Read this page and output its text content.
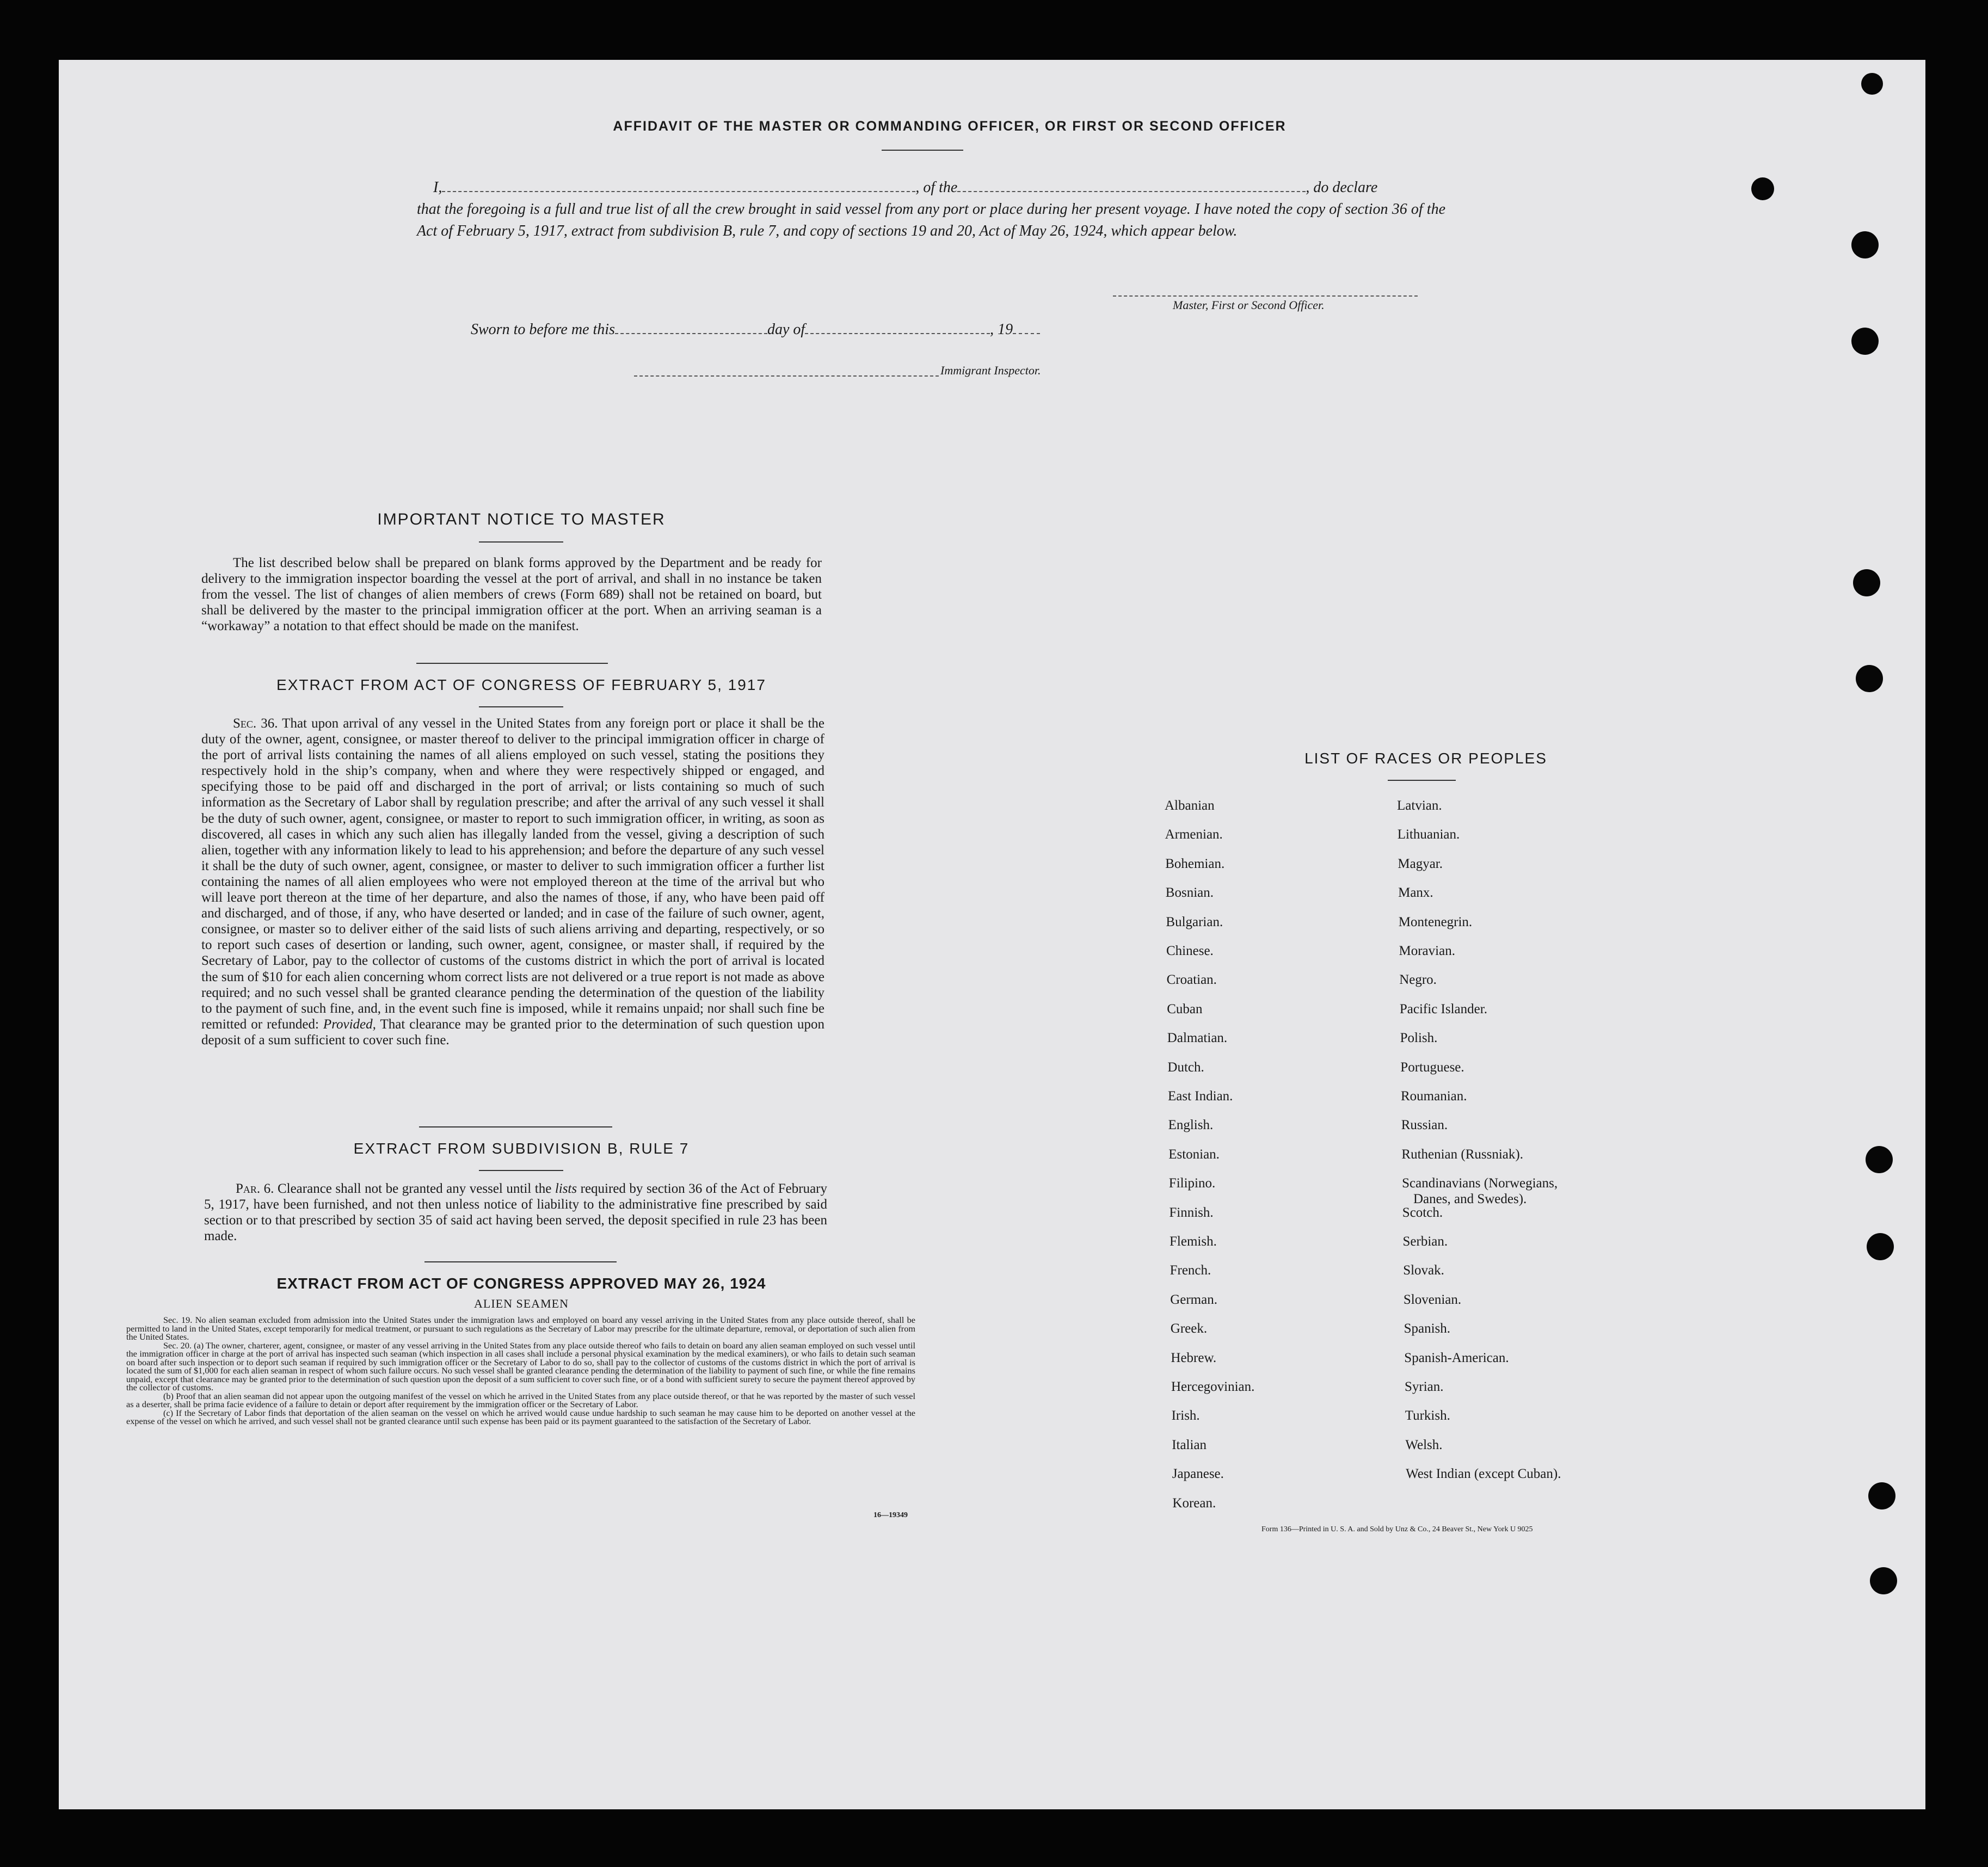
AFFIDAVIT OF THE MASTER OR COMMANDING OFFICER, OR FIRST OR SECOND OFFICER
I,	, of the	, do declare

that the foregoing is a full and true list of all the crew brought in said vessel from any port or place during her present voyage. I have noted the copy of section 36 of the Act of February 5, 1917, extract from subdivision B, rule 7, and copy of sections 19 and 20, Act of May 26, 1924, which appear below.

Master, First or Second Officer.
Sworn to before me this	day of	, 19
Immigrant Inspector.
IMPORTANT NOTICE TO MASTER

The list described below shall be prepared on blank forms approved by the Department and be ready for delivery to the immigration inspector boarding the vessel at the port of arrival, and shall in no instance be taken from the vessel. The list of changes of alien members of crews (Form 689) shall not be retained on board, but shall be delivered by the master to the principal immigration officer at the port. When an arriving seaman is a “workaway” a notation to that effect should be made on the manifest.

EXTRACT FROM ACT OF CONGRESS OF FEBRUARY 5, 1917

Sec. 36. That upon arrival of any vessel in the United States from any foreign port or place it shall be the duty of the owner, agent, consignee, or master thereof to deliver to the principal immigration officer in charge of the port of arrival lists containing the names of all aliens employed on such vessel, stating the positions they respectively hold in the ship’s company, when and where they were respectively shipped or engaged, and specifying those to be paid off and discharged in the port of arrival; or lists containing so much of such information as the Secretary of Labor shall by regulation prescribe; and after the arrival of any such vessel it shall be the duty of such owner, agent, consignee, or master to report to such immigration officer, in writing, as soon as discovered, all cases in which any such alien has illegally landed from the vessel, giving a description of such alien, together with any information likely to lead to his apprehension; and before the departure of any such vessel it shall be the duty of such owner, agent, consignee, or master to deliver to such immigration officer a further list containing the names of all alien employees who were not employed thereon at the time of the arrival but who will leave port thereon at the time of her departure, and also the names of those, if any, who have been paid off and discharged, and of those, if any, who have deserted or landed; and in case of the failure of such owner, agent, consignee, or master so to deliver either of the said lists of such aliens arriving and departing, respectively, or so to report such cases of desertion or landing, such owner, agent, consignee, or master shall, if required by the Secretary of Labor, pay to the collector of customs of the customs district in which the port of arrival is located the sum of $10 for each alien concerning whom correct lists are not delivered or a true report is not made as above required; and no such vessel shall be granted clearance pending the determination of the question of the liability to the payment of such fine, and, in the event such fine is imposed, while it remains unpaid; nor shall such fine be remitted or refunded: Provided, That clearance may be granted prior to the determination of such question upon deposit of a sum sufficient to cover such fine.

EXTRACT FROM SUBDIVISION B, RULE 7

Par. 6. Clearance shall not be granted any vessel until the lists required by section 36 of the Act of February 5, 1917, have been furnished, and not then unless notice of liability to the administrative fine prescribed by said section or to that prescribed by section 35 of said act having been served, the deposit specified in rule 23 has been made.

EXTRACT FROM ACT OF CONGRESS APPROVED MAY 26, 1924
ALIEN SEAMEN

Sec. 19. No alien seaman excluded from admission into the United States under the immigration laws and employed on board any vessel arriving in the United States from any place outside thereof, shall be permitted to land in the United States, except temporarily for medical treatment, or pursuant to such regulations as the Secretary of Labor may prescribe for the ultimate departure, removal, or deportation of such alien from the United States.

Sec. 20. (a) The owner, charterer, agent, consignee, or master of any vessel arriving in the United States from any place outside thereof who fails to detain on board any alien seaman employed on such vessel until the immigration officer in charge at the port of arrival has inspected such seaman (which inspection in all cases shall include a personal physical examination by the medical examiners), or who fails to detain such seaman on board after such inspection or to deport such seaman if required by such immigration officer or the Secretary of Labor to do so, shall pay to the collector of customs of the customs district in which the port of arrival is located the sum of $1,000 for each alien seaman in respect of whom such failure occurs. No such vessel shall be granted clearance pending the determination of the liability to payment of such fine, or while the fine remains unpaid, except that clearance may be granted prior to the determination of such question upon the deposit of a sum sufficient to cover such fine, or of a bond with sufficient surety to secure the payment thereof approved by the collector of customs.

(b) Proof that an alien seaman did not appear upon the outgoing manifest of the vessel on which he arrived in the United States from any place outside thereof, or that he was reported by the master of such vessel as a deserter, shall be prima facie evidence of a failure to detain or deport after requirement by the immigration officer or the Secretary of Labor.

(c) If the Secretary of Labor finds that deportation of the alien seaman on the vessel on which he arrived would cause undue hardship to such seaman he may cause him to be deported on another vessel at the expense of the vessel on which he arrived, and such vessel shall not be granted clearance until such expense has been paid or its payment guaranteed to the satisfaction of the Secretary of Labor.

16—19349
LIST OF RACES OR PEOPLES
Albanian
Armenian.
Bohemian.
Bosnian.
Bulgarian.
Chinese.
Croatian.
Cuban
Dalmatian.
Dutch.
East Indian.
English.
Estonian.
Filipino.
Finnish.
Flemish.
French.
German.
Greek.
Hebrew.
Hercegovinian.
Irish.
Italian
Japanese.
Korean.
Latvian.
Lithuanian.
Magyar.
Manx.
Montenegrin.
Moravian.
Negro.
Pacific Islander.
Polish.
Portuguese.
Roumanian.
Russian.
Ruthenian (Russniak).
Scandinavians (Norwegians,
Danes, and Swedes).
Scotch.
Serbian.
Slovak.
Slovenian.
Spanish.
Spanish-American.
Syrian.
Turkish.
Welsh.
West Indian (except Cuban).
Form 136—Printed in U. S. A. and Sold by Unz & Co., 24 Beaver St., New York U 9025
